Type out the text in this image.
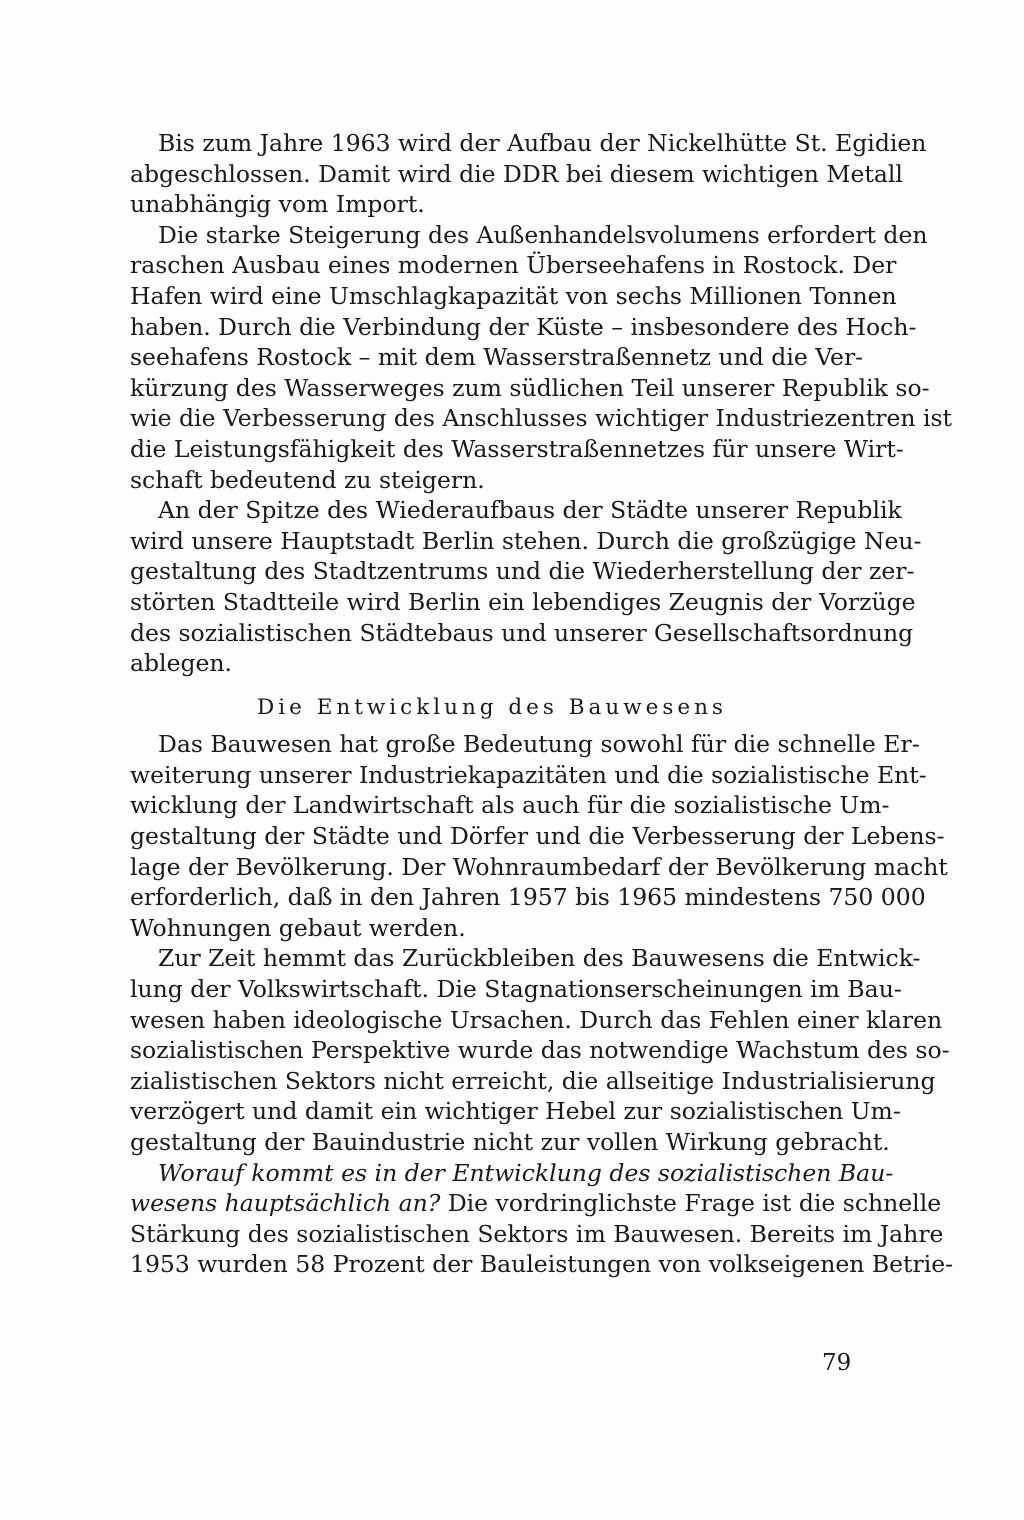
Bis zum Jahre 1963 wird der Aufbau der Nickelhütte St. Egidien
abgeschlossen. Damit wird die DDR bei diesem wichtigen Metall
unabhängig vom Import.

Die starke Steigerung des Außenhandelsvolumens erfordert den
raschen Ausbau eines modernen Überseehafens in Rostock. Der
Hafen wird eine Umschlagkapazität von sechs Millionen Tonnen
haben. Durch die Verbindung der Küste – insbesondere des Hoch-
seehafens Rostock – mit dem Wasserstraßennetz und die Ver-
kürzung des Wasserweges zum südlichen Teil unserer Republik so-
wie die Verbesserung des Anschlusses wichtiger Industriezentren ist
die Leistungsfähigkeit des Wasserstraßennetzes für unsere Wirt-
schaft bedeutend zu steigern.

An der Spitze des Wiederaufbaus der Städte unserer Republik
wird unsere Hauptstadt Berlin stehen. Durch die großzügige Neu-
gestaltung des Stadtzentrums und die Wiederherstellung der zer-
störten Stadtteile wird Berlin ein lebendiges Zeugnis der Vorzüge
des sozialistischen Städtebaus und unserer Gesellschaftsordnung
ablegen.

Die Entwicklung des Bauwesens

Das Bauwesen hat große Bedeutung sowohl für die schnelle Er-
weiterung unserer Industriekapazitäten und die sozialistische Ent-
wicklung der Landwirtschaft als auch für die sozialistische Um-
gestaltung der Städte und Dörfer und die Verbesserung der Lebens-
lage der Bevölkerung. Der Wohnraumbedarf der Bevölkerung macht
erforderlich, daß in den Jahren 1957 bis 1965 mindestens 750 000
Wohnungen gebaut werden.

Zur Zeit hemmt das Zurückbleiben des Bauwesens die Entwick-
lung der Volkswirtschaft. Die Stagnationserscheinungen im Bau-
wesen haben ideologische Ursachen. Durch das Fehlen einer klaren
sozialistischen Perspektive wurde das notwendige Wachstum des so-
zialistischen Sektors nicht erreicht, die allseitige Industrialisierung
verzögert und damit ein wichtiger Hebel zur sozialistischen Um-
gestaltung der Bauindustrie nicht zur vollen Wirkung gebracht.

Worauf kommt es in der Entwicklung des sozialistischen Bau-
wesens hauptsächlich an? Die vordringlichste Frage ist die schnelle
Stärkung des sozialistischen Sektors im Bauwesen. Bereits im Jahre
1953 wurden 58 Prozent der Bauleistungen von volkseigenen Betrie-

79
